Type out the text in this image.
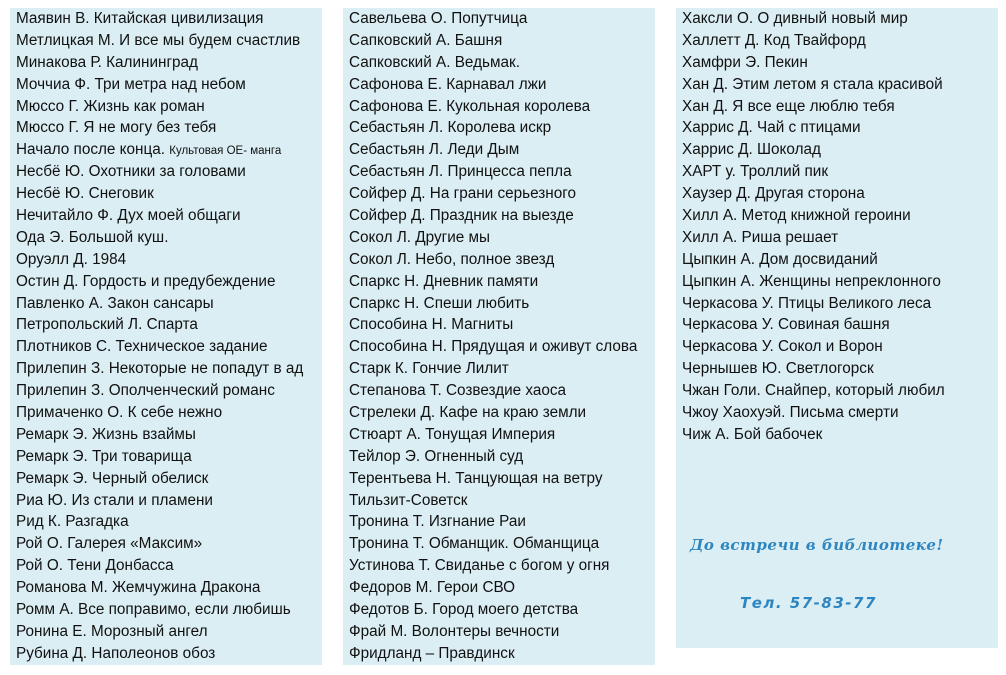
Маявин В. Китайская цивилизация
Метлицкая М. И все мы будем счастлив
Минакова Р. Калининград
Моччиа Ф. Три метра над небом
Мюссо Г. Жизнь как роман
Мюссо Г. Я не могу без тебя
Начало после конца. Культовая ОЕ- манга
Несбё Ю. Охотники за головами
Несбё Ю. Снеговик
Нечитайло Ф. Дух моей общаги
Ода Э. Большой куш.
Оруэлл Д. 1984
Остин Д. Гордость и предубеждение
Павленко А. Закон сансары
Петропольский Л. Спарта
Плотников С. Техническое задание
Прилепин З. Некоторые не попадут в ад
Прилепин З. Ополченческий романс
Примаченко О. К себе нежно
Ремарк Э. Жизнь взаймы
Ремарк Э. Три товарища
Ремарк Э. Черный обелиск
Риа Ю. Из стали и пламени
Рид К. Разгадка
Рой О. Галерея «Максим»
Рой О. Тени Донбасса
Романова М. Жемчужина Дракона
Ромм А. Все поправимо, если любишь
Ронина Е. Морозный ангел
Рубина Д. Наполеонов обоз
Савельева О. Попутчица
Сапковский А. Башня
Сапковский А. Ведьмак.
Сафонова Е. Карнавал лжи
Сафонова Е. Кукольная королева
Себастьян Л. Королева искр
Себастьян Л. Леди Дым
Себастьян Л. Принцесса пепла
Сойфер Д. На грани серьезного
Сойфер Д. Праздник на выезде
Сокол Л. Другие мы
Сокол Л. Небо, полное звезд
Спаркс Н. Дневник памяти
Спаркс Н. Спеши любить
Способина Н. Магниты
Способина Н. Прядущая и оживут слова
Старк К. Гончие Лилит
Степанова Т. Созвездие хаоса
Стрелеки Д. Кафе на краю земли
Стюарт А. Тонущая Империя
Тейлор Э. Огненный суд
Терентьева Н. Танцующая на ветру
Тильзит-Советск
Тронина Т. Изгнание Раи
Тронина Т. Обманщик. Обманщица
Устинова Т. Свиданье с богом у огня
Федоров М. Герои СВО
Федотов Б. Город моего детства
Фрай М. Волонтеры вечности
Фридланд – Правдинск
Хаксли О. О дивный новый мир
Халлетт Д. Код Твайфорд
Хамфри Э. Пекин
Хан Д. Этим летом я стала красивой
Хан Д. Я все еще люблю тебя
Харрис Д. Чай с птицами
Харрис Д. Шоколад
ХАРТ у. Троллий пик
Хаузер Д. Другая сторона
Хилл А. Метод книжной героини
Хилл А. Риша решает
Цыпкин А. Дом досвиданий
Цыпкин А. Женщины непреклонного
Черкасова У. Птицы Великого леса
Черкасова У. Совиная башня
Черкасова У. Сокол и Ворон
Чернышев Ю. Светлогорск
Чжан Голи. Снайпер, который любил
Чжоу Хаохуэй. Письма смерти
Чиж А. Бой бабочек
До встречи в библиотеке!
Тел. 57-83-77
